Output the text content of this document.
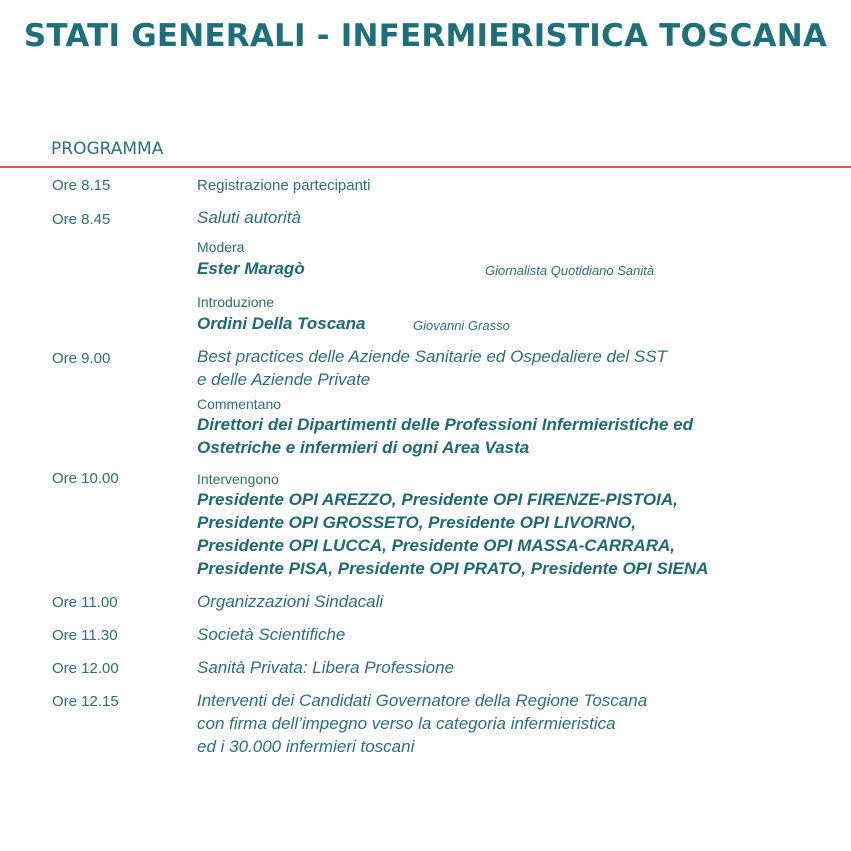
STATI GENERALI - INFERMIERISTICA TOSCANA
PROGRAMMA
Ore 8.15	Registrazione partecipanti
Ore 8.45	Saluti autorità
Modera
Ester Maragò	Giornalista Quotidiano Sanità
Introduzione
Ordini Della Toscana	Giovanni Grasso
Ore 9.00	Best practices delle Aziende Sanitarie ed Ospedaliere del SST
e delle Aziende Private
Commentano
Direttori dei Dipartimenti delle Professioni Infermieristiche ed
Ostetriche e infermieri di ogni Area Vasta
Ore 10.00	Intervengono
Presidente OPI AREZZO, Presidente OPI FIRENZE-PISTOIA,
Presidente OPI GROSSETO, Presidente OPI LIVORNO,
Presidente OPI LUCCA, Presidente OPI MASSA-CARRARA,
Presidente PISA, Presidente OPI PRATO, Presidente OPI SIENA
Ore 11.00	Organizzazioni Sindacali
Ore 11.30	Società Scientifiche
Ore 12.00	Sanità Privata: Libera Professione
Ore 12.15	Interventi dei Candidati Governatore della Regione Toscana
con firma dell’impegno verso la categoria infermieristica
ed i 30.000 infermieri toscani
